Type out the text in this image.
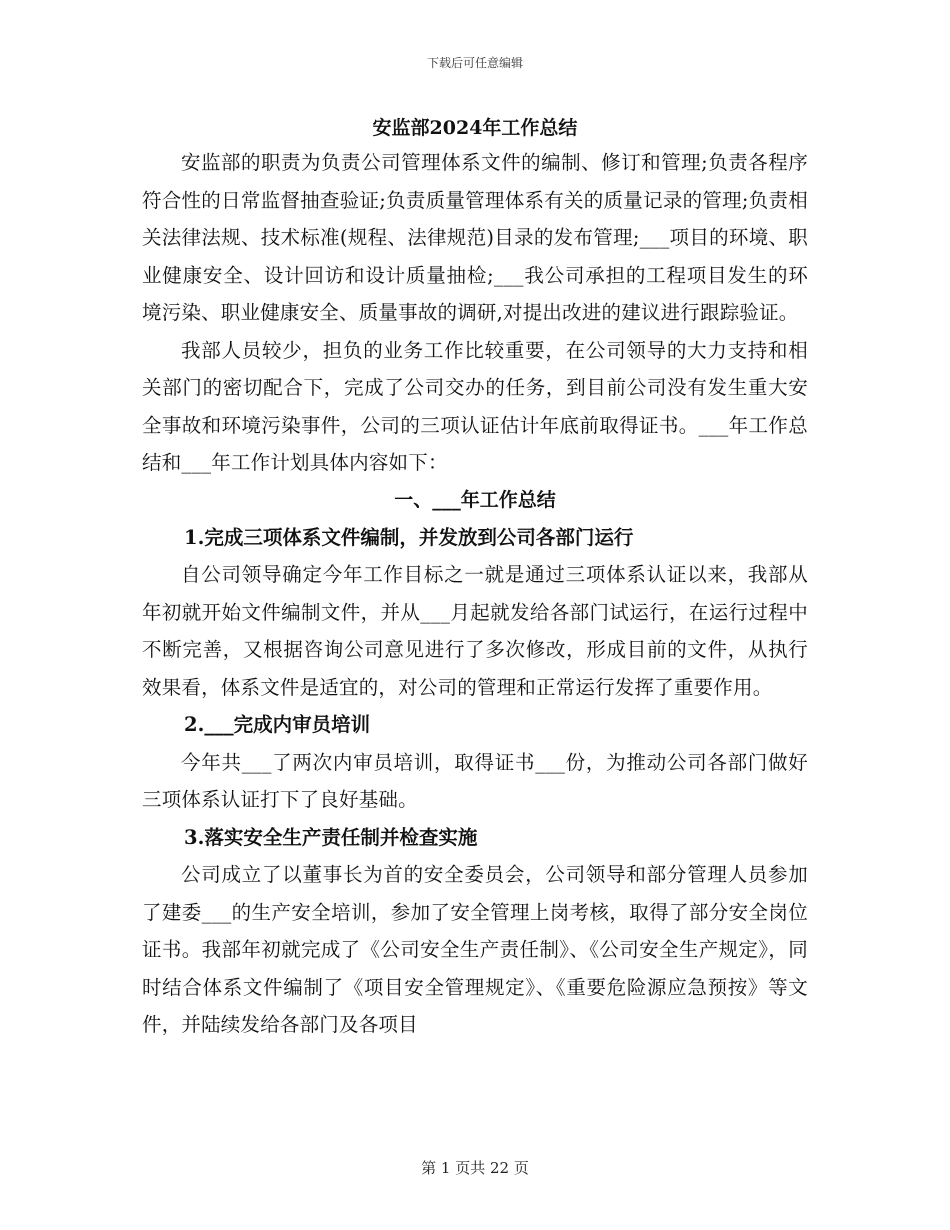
下载后可任意编辑
安监部2024年工作总结

安监部的职责为负责公司管理体系文件的编制、修订和管理;负责各程序符合性的日常监督抽查验证;负责质量管理体系有关的质量记录的管理;负责相关法律法规、技术标准(规程、法律规范)目录的发布管理;___项目的环境、职业健康安全、设计回访和设计质量抽检;___我公司承担的工程项目发生的环境污染、职业健康安全、质量事故的调研,对提出改进的建议进行跟踪验证。

我部人员较少，担负的业务工作比较重要，在公司领导的大力支持和相关部门的密切配合下，完成了公司交办的任务，到目前公司没有发生重大安全事故和环境污染事件，公司的三项认证估计年底前取得证书。___年工作总结和___年工作计划具体内容如下：

一、___年工作总结

1.完成三项体系文件编制，并发放到公司各部门运行

自公司领导确定今年工作目标之一就是通过三项体系认证以来，我部从年初就开始文件编制文件，并从___月起就发给各部门试运行，在运行过程中不断完善，又根据咨询公司意见进行了多次修改，形成目前的文件，从执行效果看，体系文件是适宜的，对公司的管理和正常运行发挥了重要作用。

2.___完成内审员培训

今年共___了两次内审员培训，取得证书___份，为推动公司各部门做好三项体系认证打下了良好基础。

3.落实安全生产责任制并检查实施

公司成立了以董事长为首的安全委员会，公司领导和部分管理人员参加了建委___的生产安全培训，参加了安全管理上岗考核，取得了部分安全岗位证书。我部年初就完成了《公司安全生产责任制》、《公司安全生产规定》，同时结合体系文件编制了《项目安全管理规定》、《重要危险源应急预按》等文件，并陆续发给各部门及各项目

第 1 页共 22 页
